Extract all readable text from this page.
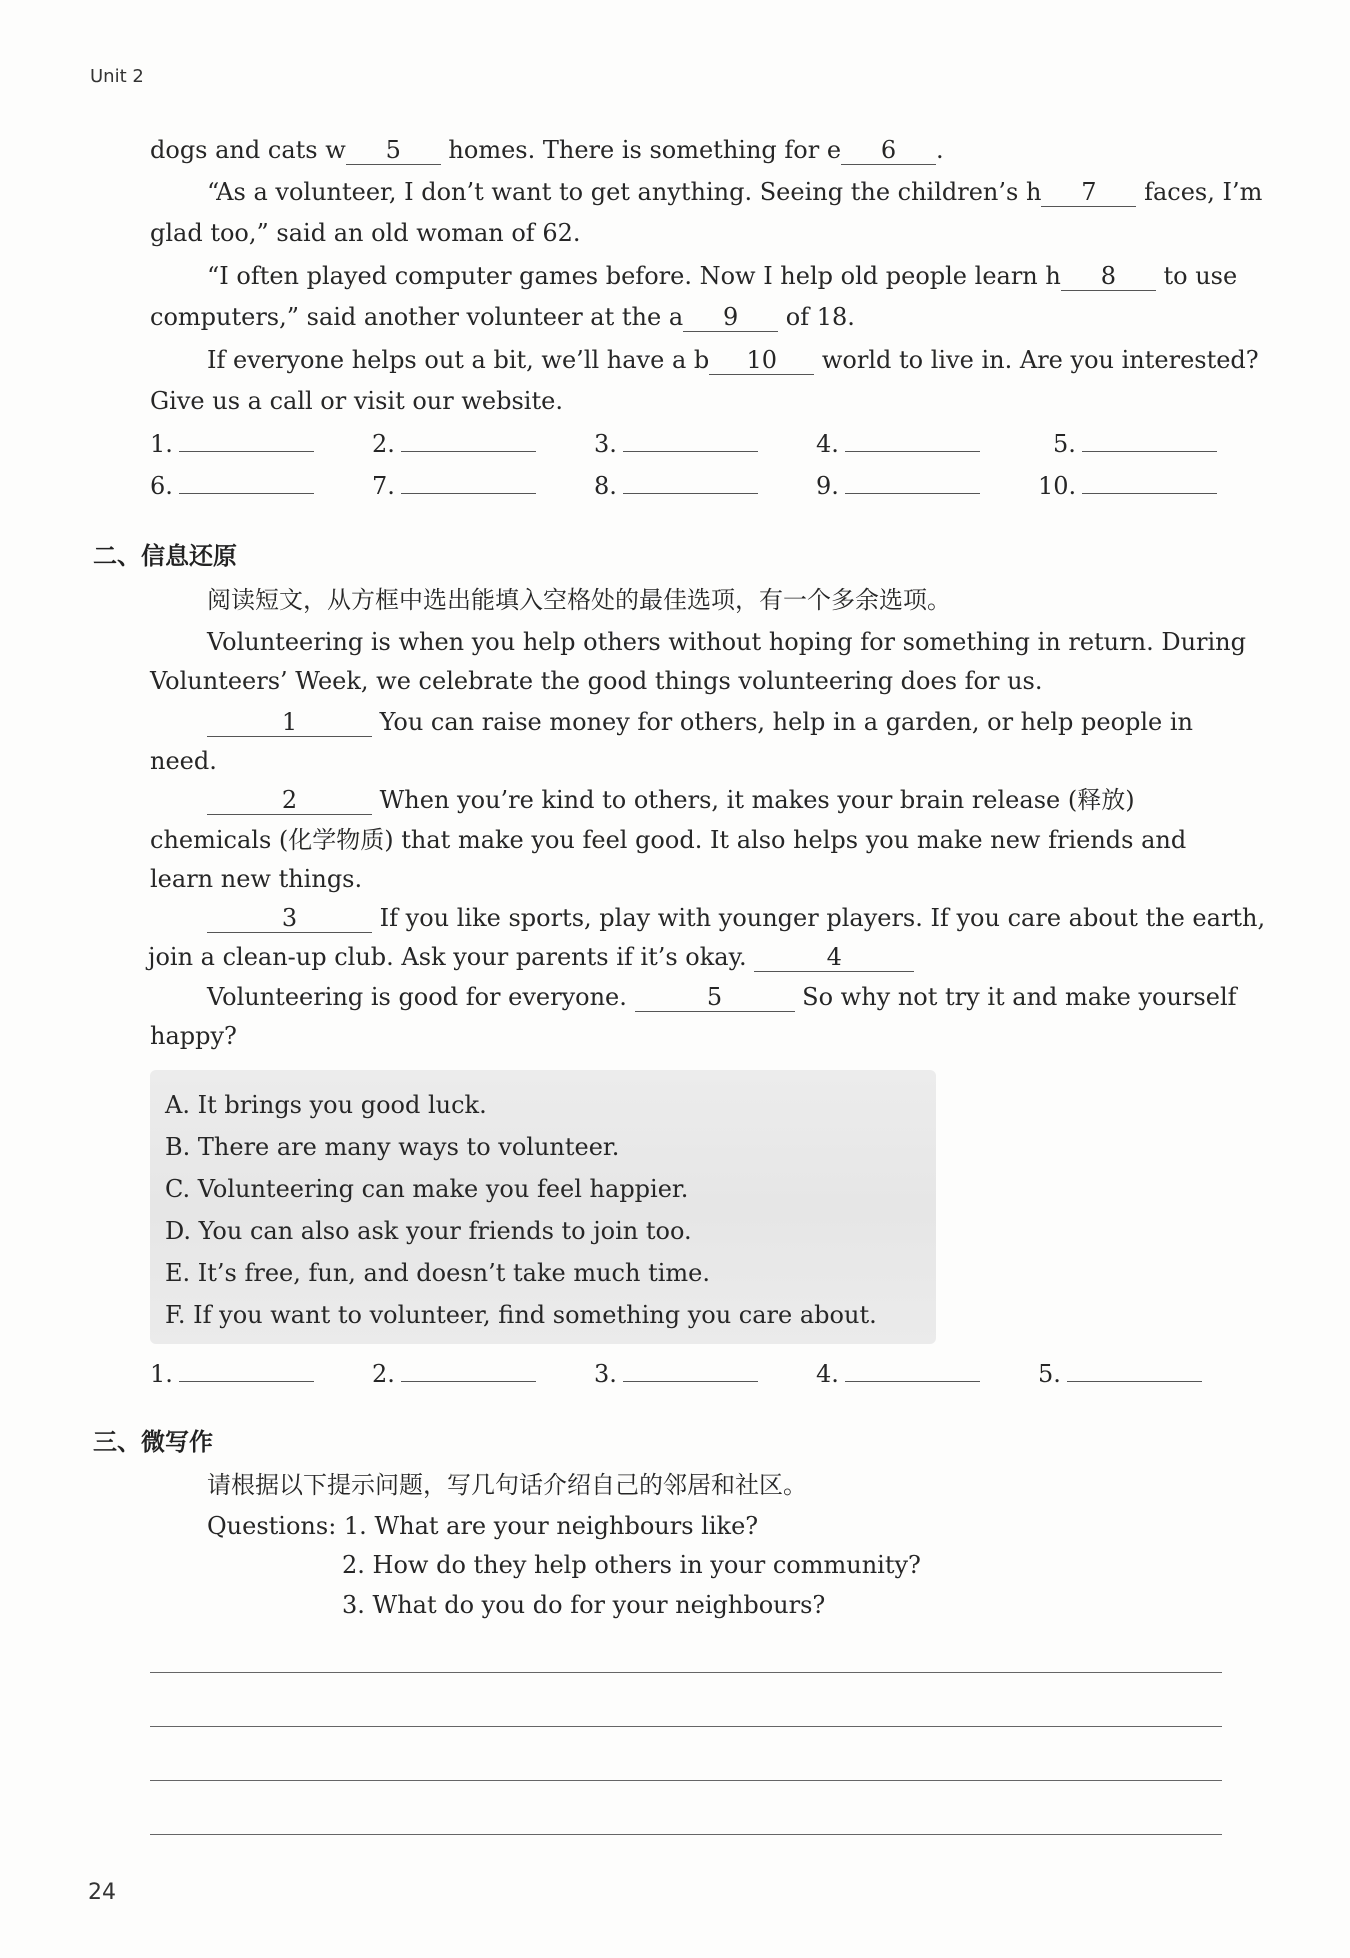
Unit 2
dogs and cats w 5 homes. There is something for e 6 .
“As a volunteer, I don’t want to get anything. Seeing the children’s h 7 faces, I’m
glad too,” said an old woman of 62.
“I often played computer games before. Now I help old people learn h 8 to use
computers,” said another volunteer at the a 9 of 18.
If everyone helps out a bit, we’ll have a b 10 world to live in. Are you interested?
Give us a call or visit our website.
1.	2.	3.	4.	5.
6.	7.	8.	9.	10.
二、信息还原
阅读短文，从方框中选出能填入空格处的最佳选项，有一个多余选项。
Volunteering is when you help others without hoping for something in return. During
Volunteers’ Week, we celebrate the good things volunteering does for us.
1	You can raise money for others, help in a garden, or help people in
need.
2	When you’re kind to others, it makes your brain release (释放)
chemicals (化学物质) that make you feel good. It also helps you make new friends and
learn new things.
3	If you like sports, play with younger players. If you care about the earth,
join a clean-up club. Ask your parents if it’s okay.	4
Volunteering is good for everyone.	5	So why not try it and make yourself
happy?
A. It brings you good luck.
B. There are many ways to volunteer.
C. Volunteering can make you feel happier.
D. You can also ask your friends to join too.
E. It’s free, fun, and doesn’t take much time.
F. If you want to volunteer, find something you care about.
1.	2.	3.	4.	5.
三、微写作
请根据以下提示问题，写几句话介绍自己的邻居和社区。
Questions: 1. What are your neighbours like?
2. How do they help others in your community?
3. What do you do for your neighbours?
24
